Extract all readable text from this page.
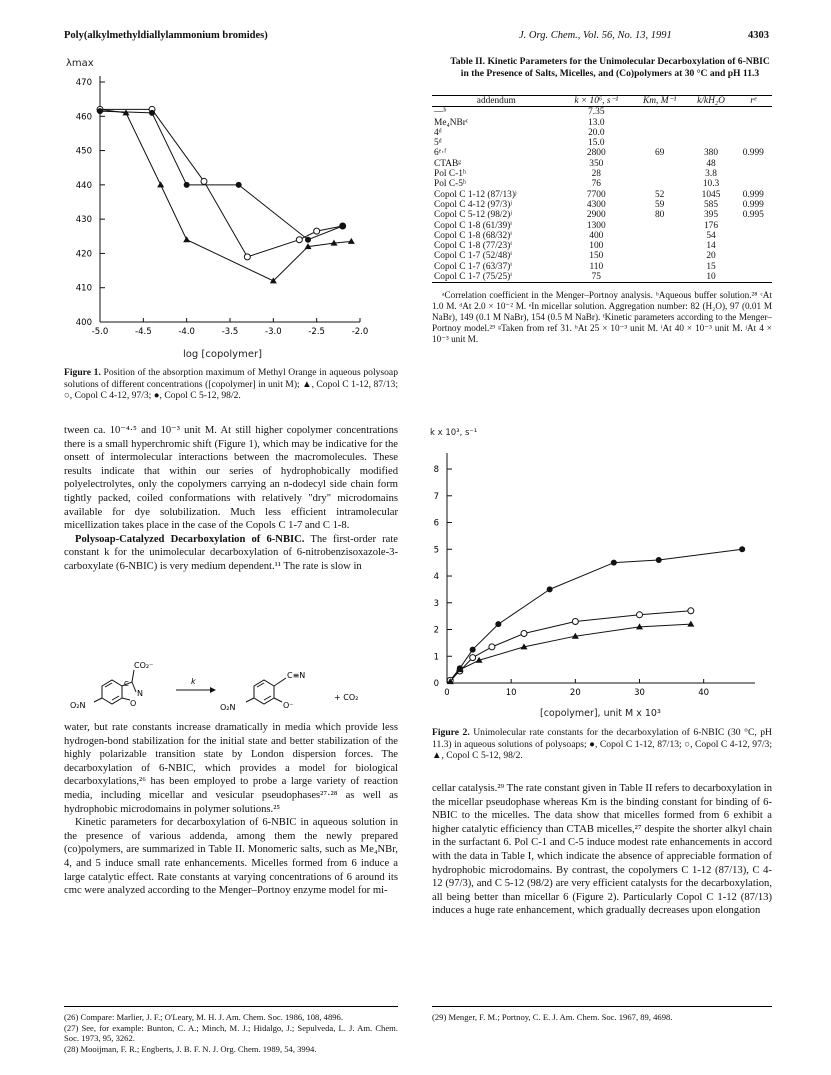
Poly(alkylmethyldiallylammonium bromides)	J. Org. Chem., Vol. 56, No. 13, 1991	4303
λmax
400
410
420
430
440
450
460
470
-5.0	-4.5	-4.0	-3.5	-3.0	-2.5	-2.0
log [copolymer]
Figure 1. Position of the absorption maximum of Methyl Orange in aqueous polysoap solutions of different concentrations ([copolymer] in unit M); ▲, Copol C 1-12, 87/13; ○, Copol C 4-12, 97/3; ●, Copol C 5-12, 98/2.

tween ca. 10⁻⁴·⁵ and 10⁻³ unit M. At still higher copolymer concentrations there is a small hyperchromic shift (Figure 1), which may be indicative for the onsett of intermolecular interactions between the macromolecules. These results indicate that within our series of hydrophobically modified polyelectrolytes, only the copolymers carrying an n-dodecyl side chain form tightly packed, coiled conformations with relatively "dry" microdomains available for dye solubilization. Much less efficient intramolecular micellization takes place in the case of the Copols C 1-7 and C 1-8.

Polysoap-Catalyzed Decarboxylation of 6-NBIC. The first-order rate constant k for the unimolecular decarboxylation of 6-nitrobenzisoxazole-3-carboxylate (6-NBIC) is very medium dependent.¹¹ The rate is slow in

CO₂⁻
C
N
O
O₂N
k
C≡N
O⁻
O₂N
+ CO₂

water, but rate constants increase dramatically in media which provide less hydrogen-bond stabilization for the initial state and better stabilization of the highly polarizable transition state by London dispersion forces. The decarboxylation of 6-NBIC, which provides a model for biological decarboxylations,²⁶ has been employed to probe a large variety of reaction media, including micellar and vesicular pseudophases²⁷·²⁸ as well as hydrophobic microdomains in polymer solutions.²⁵

Kinetic parameters for decarboxylation of 6-NBIC in aqueous solution in the presence of various addenda, among them the newly prepared (co)polymers, are summarized in Table II. Monomeric salts, such as Me₄NBr, 4, and 5 induce small rate enhancements. Micelles formed from 6 induce a large catalytic effect. Rate constants at varying concentrations of 6 around its cmc were analyzed according to the Menger–Portnoy enzyme model for mi-

(26) Compare: Marlier, J. F.; O'Leary, M. H. J. Am. Chem. Soc. 1986, 108, 4896.
(27) See, for example: Bunton, C. A.; Minch, M. J.; Hidalgo, J.; Sepulveda, L. J. Am. Chem. Soc. 1973, 95, 3262.
(28) Mooijman, F. R.; Engberts, J. B. F. N. J. Org. Chem. 1989, 54, 3994.
Table II. Kinetic Parameters for the Unimolecular Decarboxylation of 6-NBIC in the Presence of Salts, Micelles, and (Co)polymers at 30 °C and pH 11.3
addendum	k × 10⁶, s⁻¹	Km, M⁻¹	k/kH₂O	rᵉ
—ᵇ	7.35			
Me₄NBrᶜ	13.0			
4ᵈ	20.0			
5ᵈ	15.0			
6ᵉ·ᶠ	2800	69	380	0.999
CTABᵍ	350		48	
Pol C-1ʰ	28		3.8	
Pol C-5ʰ	76		10.3	
Copol C 1-12 (87/13)ʲ	7700	52	1045	0.999
Copol C 4-12 (97/3)ʲ	4300	59	585	0.999
Copol C 5-12 (98/2)ʲ	2900	80	395	0.995
Copol C 1-8 (61/39)ⁱ	1300		176	
Copol C 1-8 (68/32)ⁱ	400		54	
Copol C 1-8 (77/23)ⁱ	100		14	
Copol C 1-7 (52/48)ⁱ	150		20	
Copol C 1-7 (63/37)ⁱ	110		15	
Copol C 1-7 (75/25)ⁱ	75		10	
ᵃCorrelation coefficient in the Menger–Portnoy analysis. ᵇAqueous buffer solution.²⁸ ᶜAt 1.0 M. ᵈAt 2.0 × 10⁻² M. ᵉIn micellar solution. Aggregation number: 82 (H₂O), 97 (0.01 M NaBr), 149 (0.1 M NaBr), 154 (0.5 M NaBr). ᶠKinetic parameters according to the Menger–Portnoy model.²⁹ ᵍTaken from ref 31. ʰAt 25 × 10⁻³ unit M. ⁱAt 40 × 10⁻³ unit M. ʲAt 4 × 10⁻³ unit M.
k x 10³, s⁻¹
0
1
2
3
4
5
6
7
8
0	10	20	30	40
[copolymer], unit M x 10³
Figure 2. Unimolecular rate constants for the decarboxylation of 6-NBIC (30 °C, pH 11.3) in aqueous solutions of polysoaps; ●, Copol C 1-12, 87/13; ○, Copol C 4-12, 97/3; ▲, Copol C 5-12, 98/2.

cellar catalysis.²⁹ The rate constant given in Table II refers to decarboxylation in the micellar pseudophase whereas Km is the binding constant for binding of 6-NBIC to the micelles. The data show that micelles formed from 6 exhibit a higher catalytic efficiency than CTAB micelles,²⁷ despite the shorter alkyl chain in the surfactant 6. Pol C-1 and C-5 induce modest rate enhancements in accord with the data in Table I, which indicate the absence of appreciable formation of hydrophobic microdomains. By contrast, the copolymers C 1-12 (87/13), C 4-12 (97/3), and C 5-12 (98/2) are very efficient catalysts for the decarboxylation, all being better than micellar 6 (Figure 2). Particularly Copol C 1-12 (87/13) induces a huge rate enhancement, which gradually decreases upon elongation

(29) Menger, F. M.; Portnoy, C. E. J. Am. Chem. Soc. 1967, 89, 4698.
